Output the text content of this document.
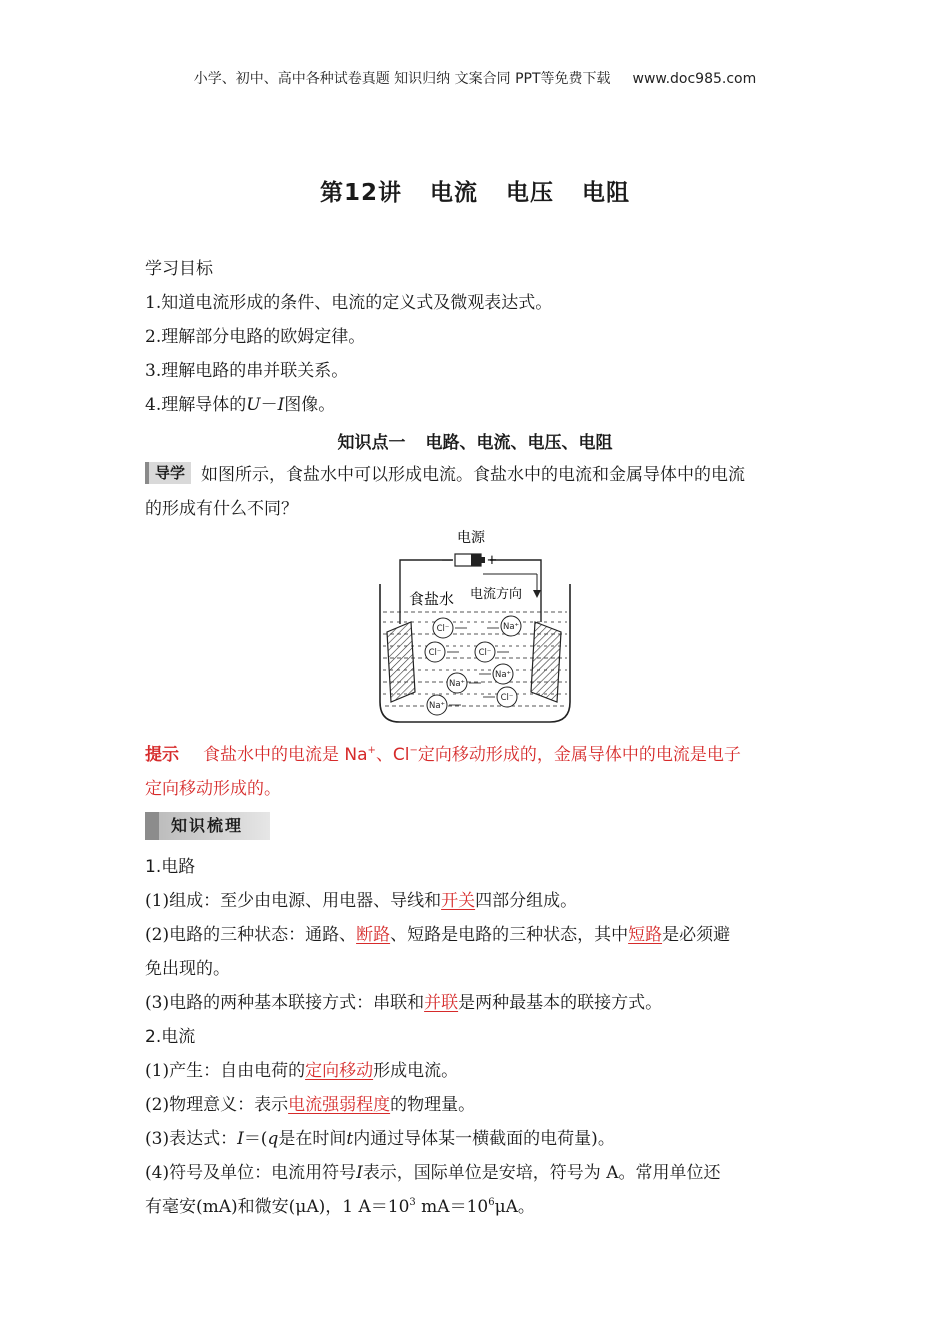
小学、初中、高中各种试卷真题 知识归纳 文案合同 PPT等免费下载 www.doc985.com
第12讲 电流 电压 电阻
学习目标
1.知道电流形成的条件、电流的定义式及微观表达式。
2.理解部分电路的欧姆定律。
3.理解电路的串并联关系。
4.理解导体的U－I图像。
知识点一 电路、电流、电压、电阻
导学 如图所示，食盐水中可以形成电流。食盐水中的电流和金属导体中的电流
的形成有什么不同？
电源
－	+
食盐水 电流方向
Cl⁻	Na⁺
Cl⁻	Cl⁻
Na⁺
Na⁺
Cl⁻
Na⁺
提示 食盐水中的电流是 Na+、Cl−定向移动形成的，金属导体中的电流是电子
定向移动形成的。
知识梳理
1.电路
(1)组成：至少由电源、用电器、导线和开关四部分组成。
(2)电路的三种状态：通路、断路、短路是电路的三种状态，其中短路是必须避
免出现的。
(3)电路的两种基本联接方式：串联和并联是两种最基本的联接方式。
2.电流
(1)产生：自由电荷的定向移动形成电流。
(2)物理意义：表示电流强弱程度的物理量。
(3)表达式：I＝(q是在时间t内通过导体某一横截面的电荷量)。
(4)符号及单位：电流用符号I表示，国际单位是安培，符号为 A。常用单位还
有毫安(mA)和微安(μA)，1 $A=10^3$ $mA=10^6\mu A$。
